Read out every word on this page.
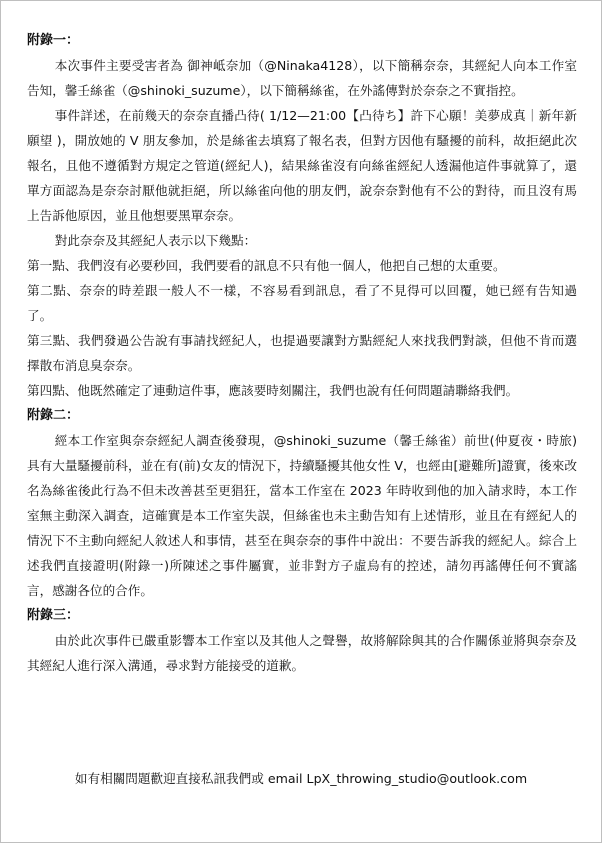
附錄一：
本次事件主要受害者為 御神岻奈加（@Ninaka4128），以下簡稱奈奈，其經紀人向本工作室告知，馨壬絲雀（@shinoki_suzume），以下簡稱絲雀，在外謠傳對於奈奈之不實指控。
事件詳述，在前幾天的奈奈直播凸待( 1/12—21:00【凸待ち】許下心願！美夢成真｜新年新願望 )，開放她的 V 朋友參加，於是絲雀去填寫了報名表，但對方因他有騷擾的前科，故拒絕此次報名，且他不遵循對方規定之管道(經紀人)，結果絲雀沒有向絲雀經紀人透漏他這件事就算了，還單方面認為是奈奈討厭他就拒絕，所以絲雀向他的朋友們，說奈奈對他有不公的對待，而且沒有馬上告訴他原因，並且他想要黑單奈奈。
對此奈奈及其經紀人表示以下幾點：
第一點、我們沒有必要秒回，我們要看的訊息不只有他一個人，他把自己想的太重要。
第二點、奈奈的時差跟一般人不一樣，不容易看到訊息，看了不見得可以回覆，她已經有告知過了。
第三點、我們發過公告說有事請找經紀人，也提過要讓對方點經紀人來找我們對談，但他不肯而選擇散布消息臭奈奈。
第四點、他既然確定了連動這件事，應該要時刻關注，我們也說有任何問題請聯絡我們。
附錄二：
經本工作室與奈奈經紀人調查後發現，@shinoki_suzume（馨壬絲雀）前世(仲夏夜・時旅)具有大量騷擾前科，並在有(前)女友的情況下，持續騷擾其他女性 V，也經由[避難所]證實，後來改名為絲雀後此行為不但未改善甚至更猖狂，當本工作室在 2023 年時收到他的加入請求時，本工作室無主動深入調查，這確實是本工作室失誤，但絲雀也未主動告知有上述情形，並且在有經紀人的情況下不主動向經紀人敘述人和事情，甚至在與奈奈的事件中說出：不要告訴我的經紀人。綜合上述我們直接證明(附錄一)所陳述之事件屬實，並非對方子虛烏有的控述，請勿再謠傳任何不實謠言，感謝各位的合作。
附錄三：
由於此次事件已嚴重影響本工作室以及其他人之聲譽，故將解除與其的合作關係並將與奈奈及其經紀人進行深入溝通，尋求對方能接受的道歉。
如有相關問題歡迎直接私訊我們或 email LpX_throwing_studio@outlook.com
